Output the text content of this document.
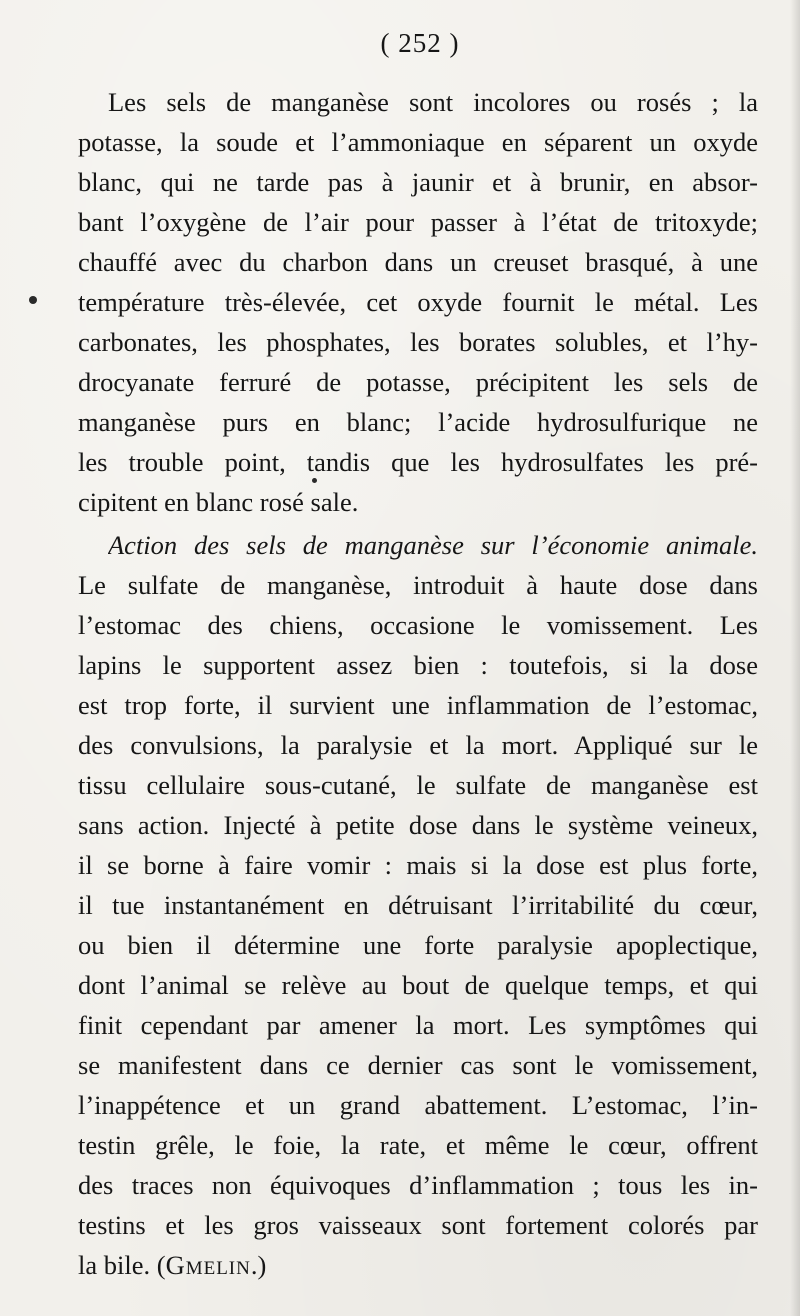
( 252 )
Les sels de manganèse sont incolores ou rosés ; la
potasse, la soude et l’ammoniaque en séparent un oxyde
blanc, qui ne tarde pas à jaunir et à brunir, en absor-
bant l’oxygène de l’air pour passer à l’état de tritoxyde;
chauffé avec du charbon dans un creuset brasqué, à une
température très-élevée, cet oxyde fournit le métal. Les
carbonates, les phosphates, les borates solubles, et l’hy-
drocyanate ferruré de potasse, précipitent les sels de
manganèse purs en blanc; l’acide hydrosulfurique ne
les trouble point, tandis que les hydrosulfates les pré-
cipitent en blanc rosé sale.
Action des sels de manganèse sur l’économie animale.
Le sulfate de manganèse, introduit à haute dose dans
l’estomac des chiens, occasione le vomissement. Les
lapins le supportent assez bien : toutefois, si la dose
est trop forte, il survient une inflammation de l’estomac,
des convulsions, la paralysie et la mort. Appliqué sur le
tissu cellulaire sous-cutané, le sulfate de manganèse est
sans action. Injecté à petite dose dans le système veineux,
il se borne à faire vomir : mais si la dose est plus forte,
il tue instantanément en détruisant l’irritabilité du cœur,
ou bien il détermine une forte paralysie apoplectique,
dont l’animal se relève au bout de quelque temps, et qui
finit cependant par amener la mort. Les symptômes qui
se manifestent dans ce dernier cas sont le vomissement,
l’inappétence et un grand abattement. L’estomac, l’in-
testin grêle, le foie, la rate, et même le cœur, offrent
des traces non équivoques d’inflammation ; tous les in-
testins et les gros vaisseaux sont fortement colorés par
la bile. (Gmelin.)
